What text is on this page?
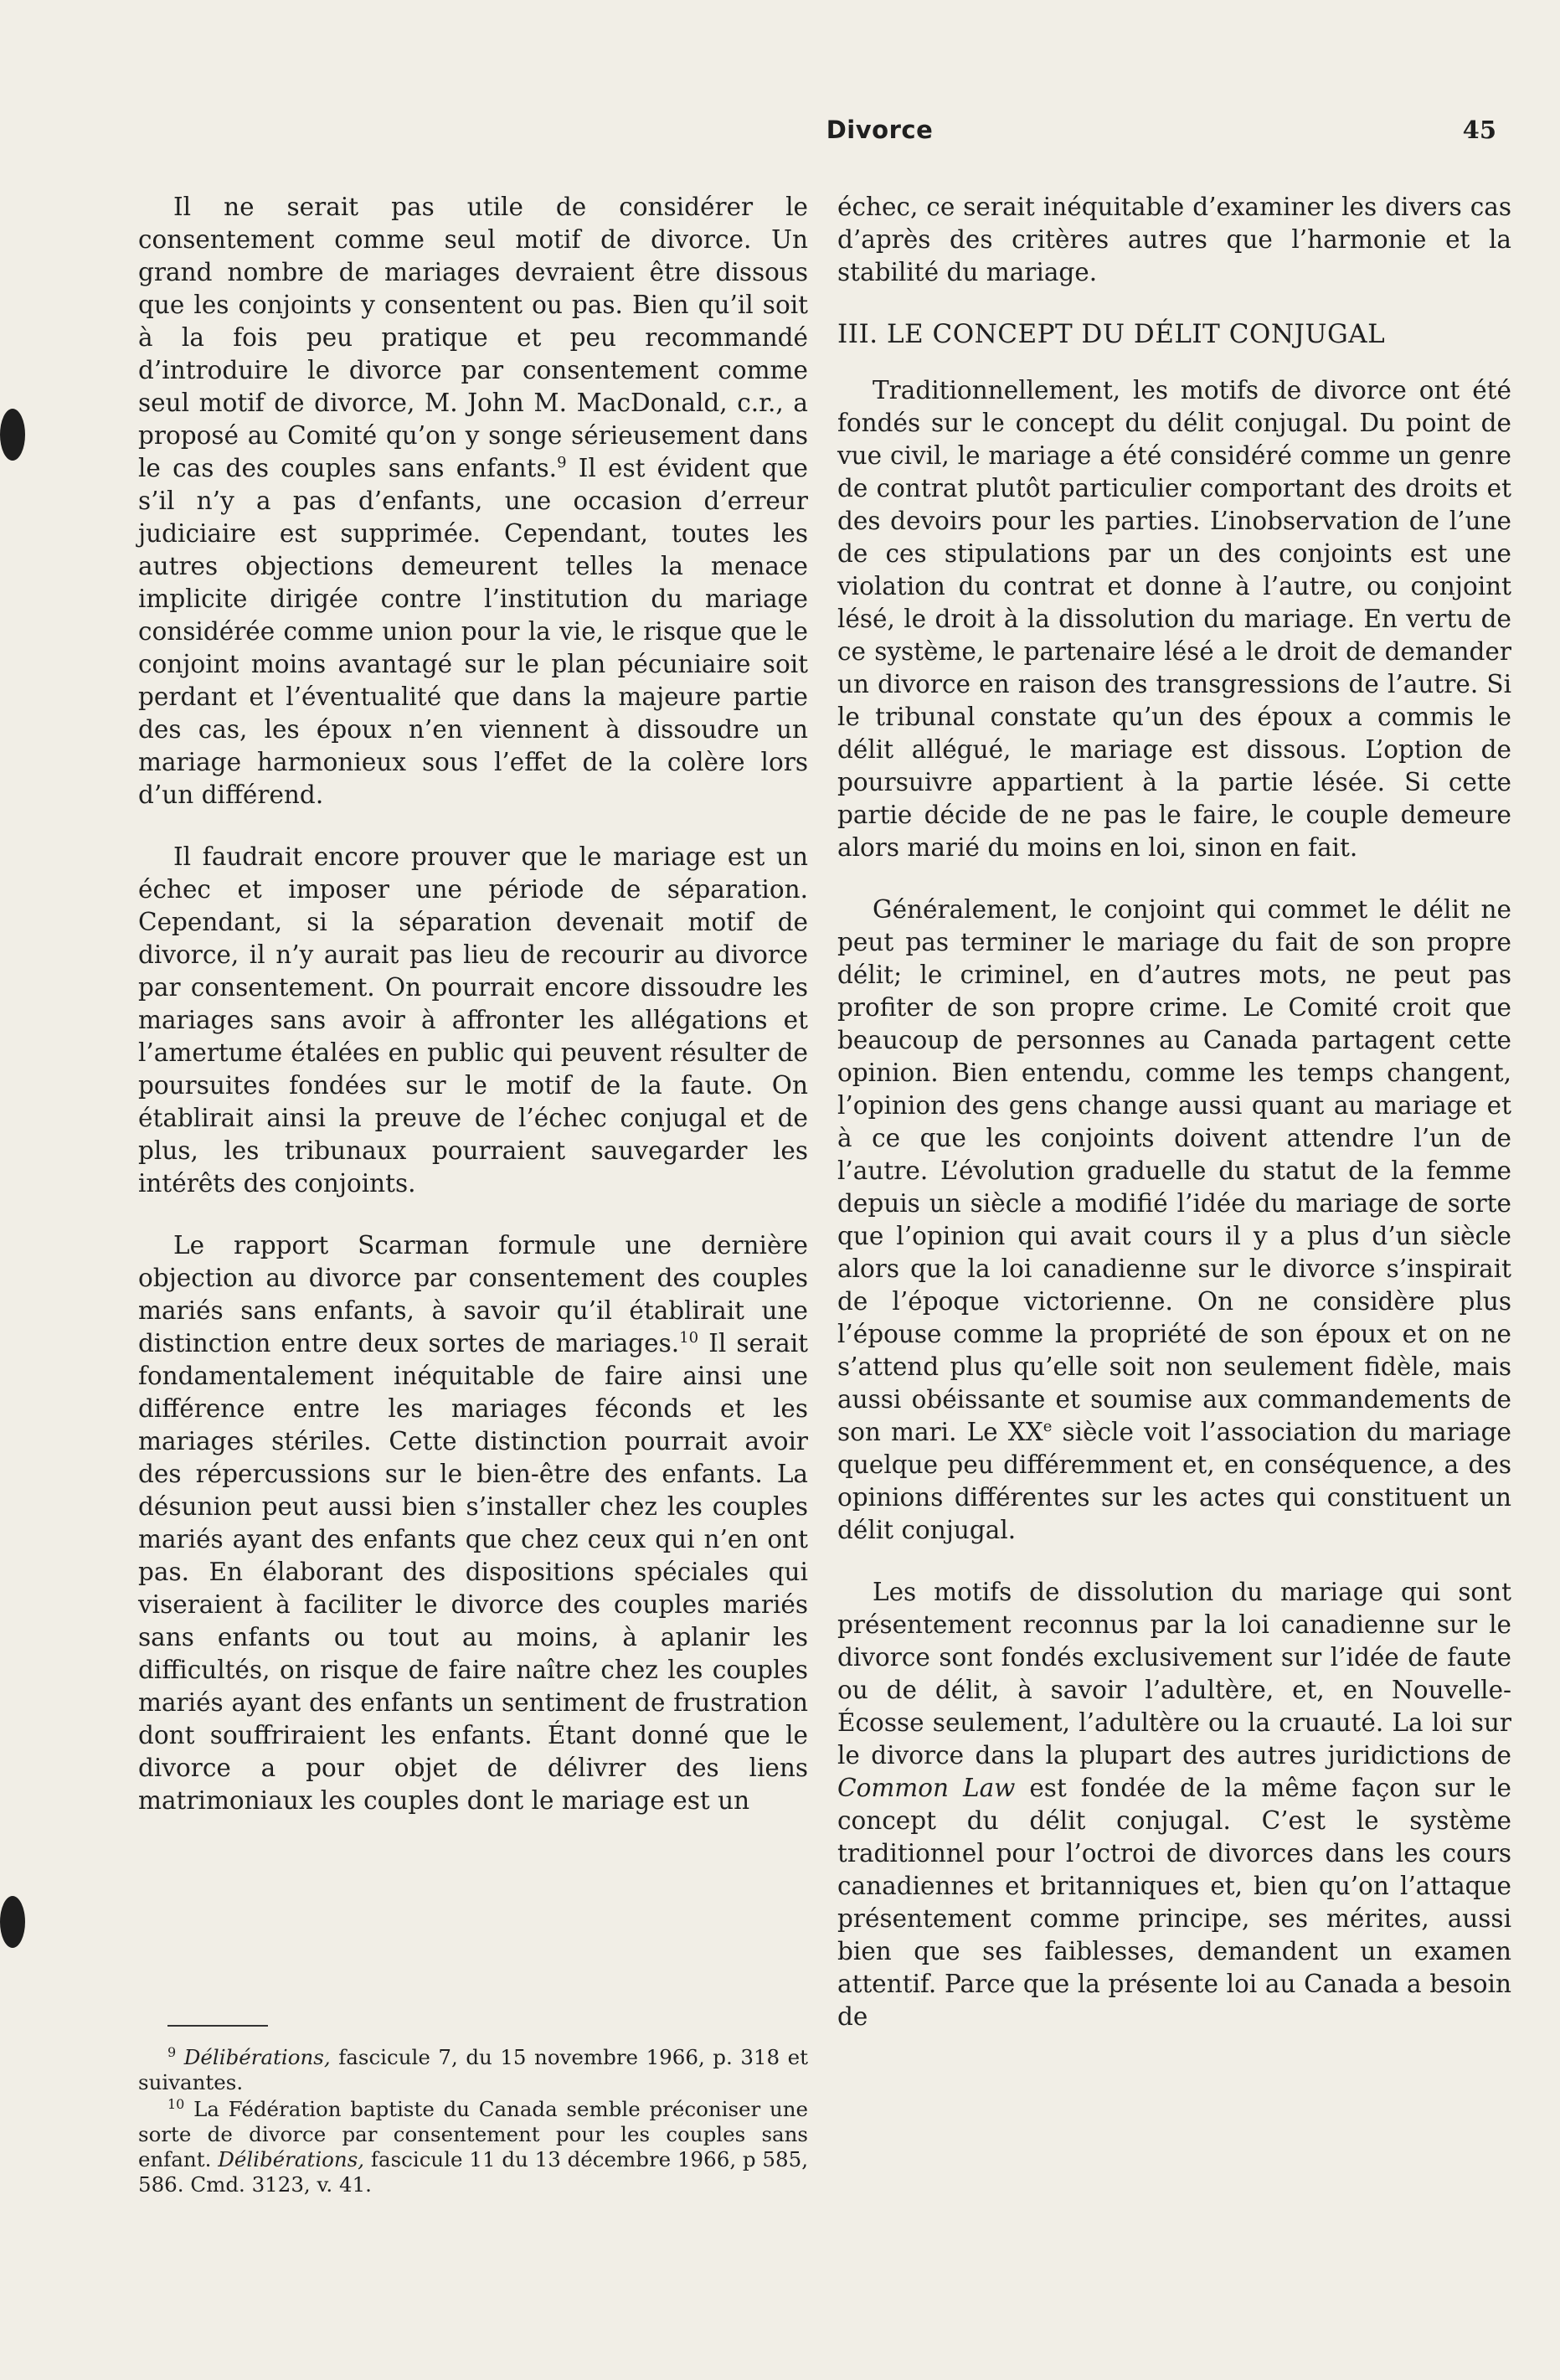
Divorce	45

Il ne serait pas utile de considérer le consentement comme seul motif de divorce. Un grand nombre de mariages devraient être dissous que les conjoints y consentent ou pas. Bien qu’il soit à la fois peu pratique et peu recommandé d’introduire le divorce par consentement comme seul motif de divorce, M. John M. MacDonald, c.r., a proposé au Comité qu’on y songe sérieusement dans le cas des couples sans enfants.$^9$ Il est évident que s’il n’y a pas d’enfants, une occasion d’erreur judiciaire est supprimée. Cependant, toutes les autres objections demeurent telles la menace implicite dirigée contre l’institution du mariage considérée comme union pour la vie, le risque que le conjoint moins avantagé sur le plan pécuniaire soit perdant et l’éventualité que dans la majeure partie des cas, les époux n’en viennent à dissoudre un mariage harmonieux sous l’effet de la colère lors d’un différend.

Il faudrait encore prouver que le mariage est un échec et imposer une période de séparation. Cependant, si la séparation devenait motif de divorce, il n’y aurait pas lieu de recourir au divorce par consentement. On pourrait encore dissoudre les mariages sans avoir à affronter les allégations et l’amertume étalées en public qui peuvent résulter de poursuites fondées sur le motif de la faute. On établirait ainsi la preuve de l’échec conjugal et de plus, les tribunaux pourraient sauvegarder les intérêts des conjoints.

Le rapport Scarman formule une dernière objection au divorce par consentement des couples mariés sans enfants, à savoir qu’il établirait une distinction entre deux sortes de mariages.$^{10}$ Il serait fondamentalement inéquitable de faire ainsi une différence entre les mariages féconds et les mariages stériles. Cette distinction pourrait avoir des répercussions sur le bien-être des enfants. La désunion peut aussi bien s’installer chez les couples mariés ayant des enfants que chez ceux qui n’en ont pas. En élaborant des dispositions spéciales qui viseraient à faciliter le divorce des couples mariés sans enfants ou tout au moins, à aplanir les difficultés, on risque de faire naître chez les couples mariés ayant des enfants un sentiment de frustration dont souffriraient les enfants. Étant donné que le divorce a pour objet de délivrer des liens matrimoniaux les couples dont le mariage est un

$^9$ Délibérations, fascicule 7, du 15 novembre 1966, p. 318 et suivantes.

$^{10}$ La Fédération baptiste du Canada semble préconiser une sorte de divorce par consentement pour les couples sans enfant. Délibérations, fascicule 11 du 13 décembre 1966, p 585, 586. Cmd. 3123, v. 41.

échec, ce serait inéquitable d’examiner les divers cas d’après des critères autres que l’harmonie et la stabilité du mariage.

III. LE CONCEPT DU DÉLIT CONJUGAL

Traditionnellement, les motifs de divorce ont été fondés sur le concept du délit conjugal. Du point de vue civil, le mariage a été considéré comme un genre de contrat plutôt particulier comportant des droits et des devoirs pour les parties. L’inobservation de l’une de ces stipulations par un des conjoints est une violation du contrat et donne à l’autre, ou conjoint lésé, le droit à la dissolution du mariage. En vertu de ce système, le partenaire lésé a le droit de demander un divorce en raison des transgressions de l’autre. Si le tribunal constate qu’un des époux a commis le délit allégué, le mariage est dissous. L’option de poursuivre appartient à la partie lésée. Si cette partie décide de ne pas le faire, le couple demeure alors marié du moins en loi, sinon en fait.

Généralement, le conjoint qui commet le délit ne peut pas terminer le mariage du fait de son propre délit; le criminel, en d’autres mots, ne peut pas profiter de son propre crime. Le Comité croit que beaucoup de personnes au Canada partagent cette opinion. Bien entendu, comme les temps changent, l’opinion des gens change aussi quant au mariage et à ce que les conjoints doivent attendre l’un de l’autre. L’évolution graduelle du statut de la femme depuis un siècle a modifié l’idée du mariage de sorte que l’opinion qui avait cours il y a plus d’un siècle alors que la loi canadienne sur le divorce s’inspirait de l’époque victorienne. On ne considère plus l’épouse comme la propriété de son époux et on ne s’attend plus qu’elle soit non seulement fidèle, mais aussi obéissante et soumise aux commandements de son mari. Le XXe siècle voit l’association du mariage quelque peu différemment et, en conséquence, a des opinions différentes sur les actes qui constituent un délit conjugal.

Les motifs de dissolution du mariage qui sont présentement reconnus par la loi canadienne sur le divorce sont fondés exclusivement sur l’idée de faute ou de délit, à savoir l’adultère, et, en Nouvelle-Écosse seulement, l’adultère ou la cruauté. La loi sur le divorce dans la plupart des autres juridictions de Common Law est fondée de la même façon sur le concept du délit conjugal. C’est le système traditionnel pour l’octroi de divorces dans les cours canadiennes et britanniques et, bien qu’on l’attaque présentement comme principe, ses mérites, aussi bien que ses faiblesses, demandent un examen attentif. Parce que la présente loi au Canada a besoin de
